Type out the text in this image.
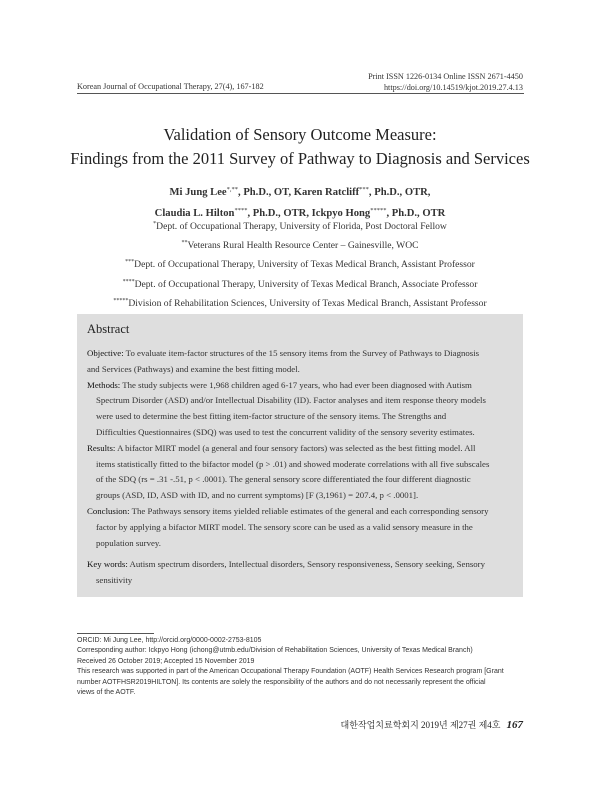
Print ISSN 1226-0134 Online ISSN 2671-4450
https://doi.org/10.14519/kjot.2019.27.4.13
Korean Journal of Occupational Therapy, 27(4), 167-182
Validation of Sensory Outcome Measure:
Findings from the 2011 Survey of Pathway to Diagnosis and Services
Mi Jung Lee*,**, Ph.D., OT, Karen Ratcliff***, Ph.D., OTR,
Claudia L. Hilton****, Ph.D., OTR, Ickpyo Hong*****, Ph.D., OTR
*Dept. of Occupational Therapy, University of Florida, Post Doctoral Fellow
**Veterans Rural Health Resource Center – Gainesville, WOC
***Dept. of Occupational Therapy, University of Texas Medical Branch, Assistant Professor
****Dept. of Occupational Therapy, University of Texas Medical Branch, Associate Professor
*****Division of Rehabilitation Sciences, University of Texas Medical Branch, Assistant Professor
Abstract
Objective: To evaluate item-factor structures of the 15 sensory items from the Survey of Pathways to Diagnosis
and Services (Pathways) and examine the best fitting model.
Methods: The study subjects were 1,968 children aged 6-17 years, who had ever been diagnosed with Autism
Spectrum Disorder (ASD) and/or Intellectual Disability (ID). Factor analyses and item response theory models
were used to determine the best fitting item-factor structure of the sensory items. The Strengths and
Difficulties Questionnaires (SDQ) was used to test the concurrent validity of the sensory severity estimates.
Results: A bifactor MIRT model (a general and four sensory factors) was selected as the best fitting model. All
items statistically fitted to the bifactor model (p > .01) and showed moderate correlations with all five subscales
of the SDQ (rs = .31 -.51, p < .0001). The general sensory score differentiated the four different diagnostic
groups (ASD, ID, ASD with ID, and no current symptoms) [F (3,1961) = 207.4, p < .0001].
Conclusion: The Pathways sensory items yielded reliable estimates of the general and each corresponding sensory
factor by applying a bifactor MIRT model. The sensory score can be used as a valid sensory measure in the
population survey.
Key words: Autism spectrum disorders, Intellectual disorders, Sensory responsiveness, Sensory seeking, Sensory
sensitivity

ORCID: Mi Jung Lee, http://orcid.org/0000-0002-2753-8105

Corresponding author: Ickpyo Hong (ichong@utmb.edu/Division of Rehabilitation Sciences, University of Texas Medical Branch)

Received 26 October 2019; Accepted 15 November 2019

This research was supported in part of the American Occupational Therapy Foundation (AOTF) Health Services Research program [Grant

number AOTFHSR2019HILTON]. Its contents are solely the responsibility of the authors and do not necessarily represent the official

views of the AOTF.

대한작업치료학회지 2019년 제27권 제4호 167
